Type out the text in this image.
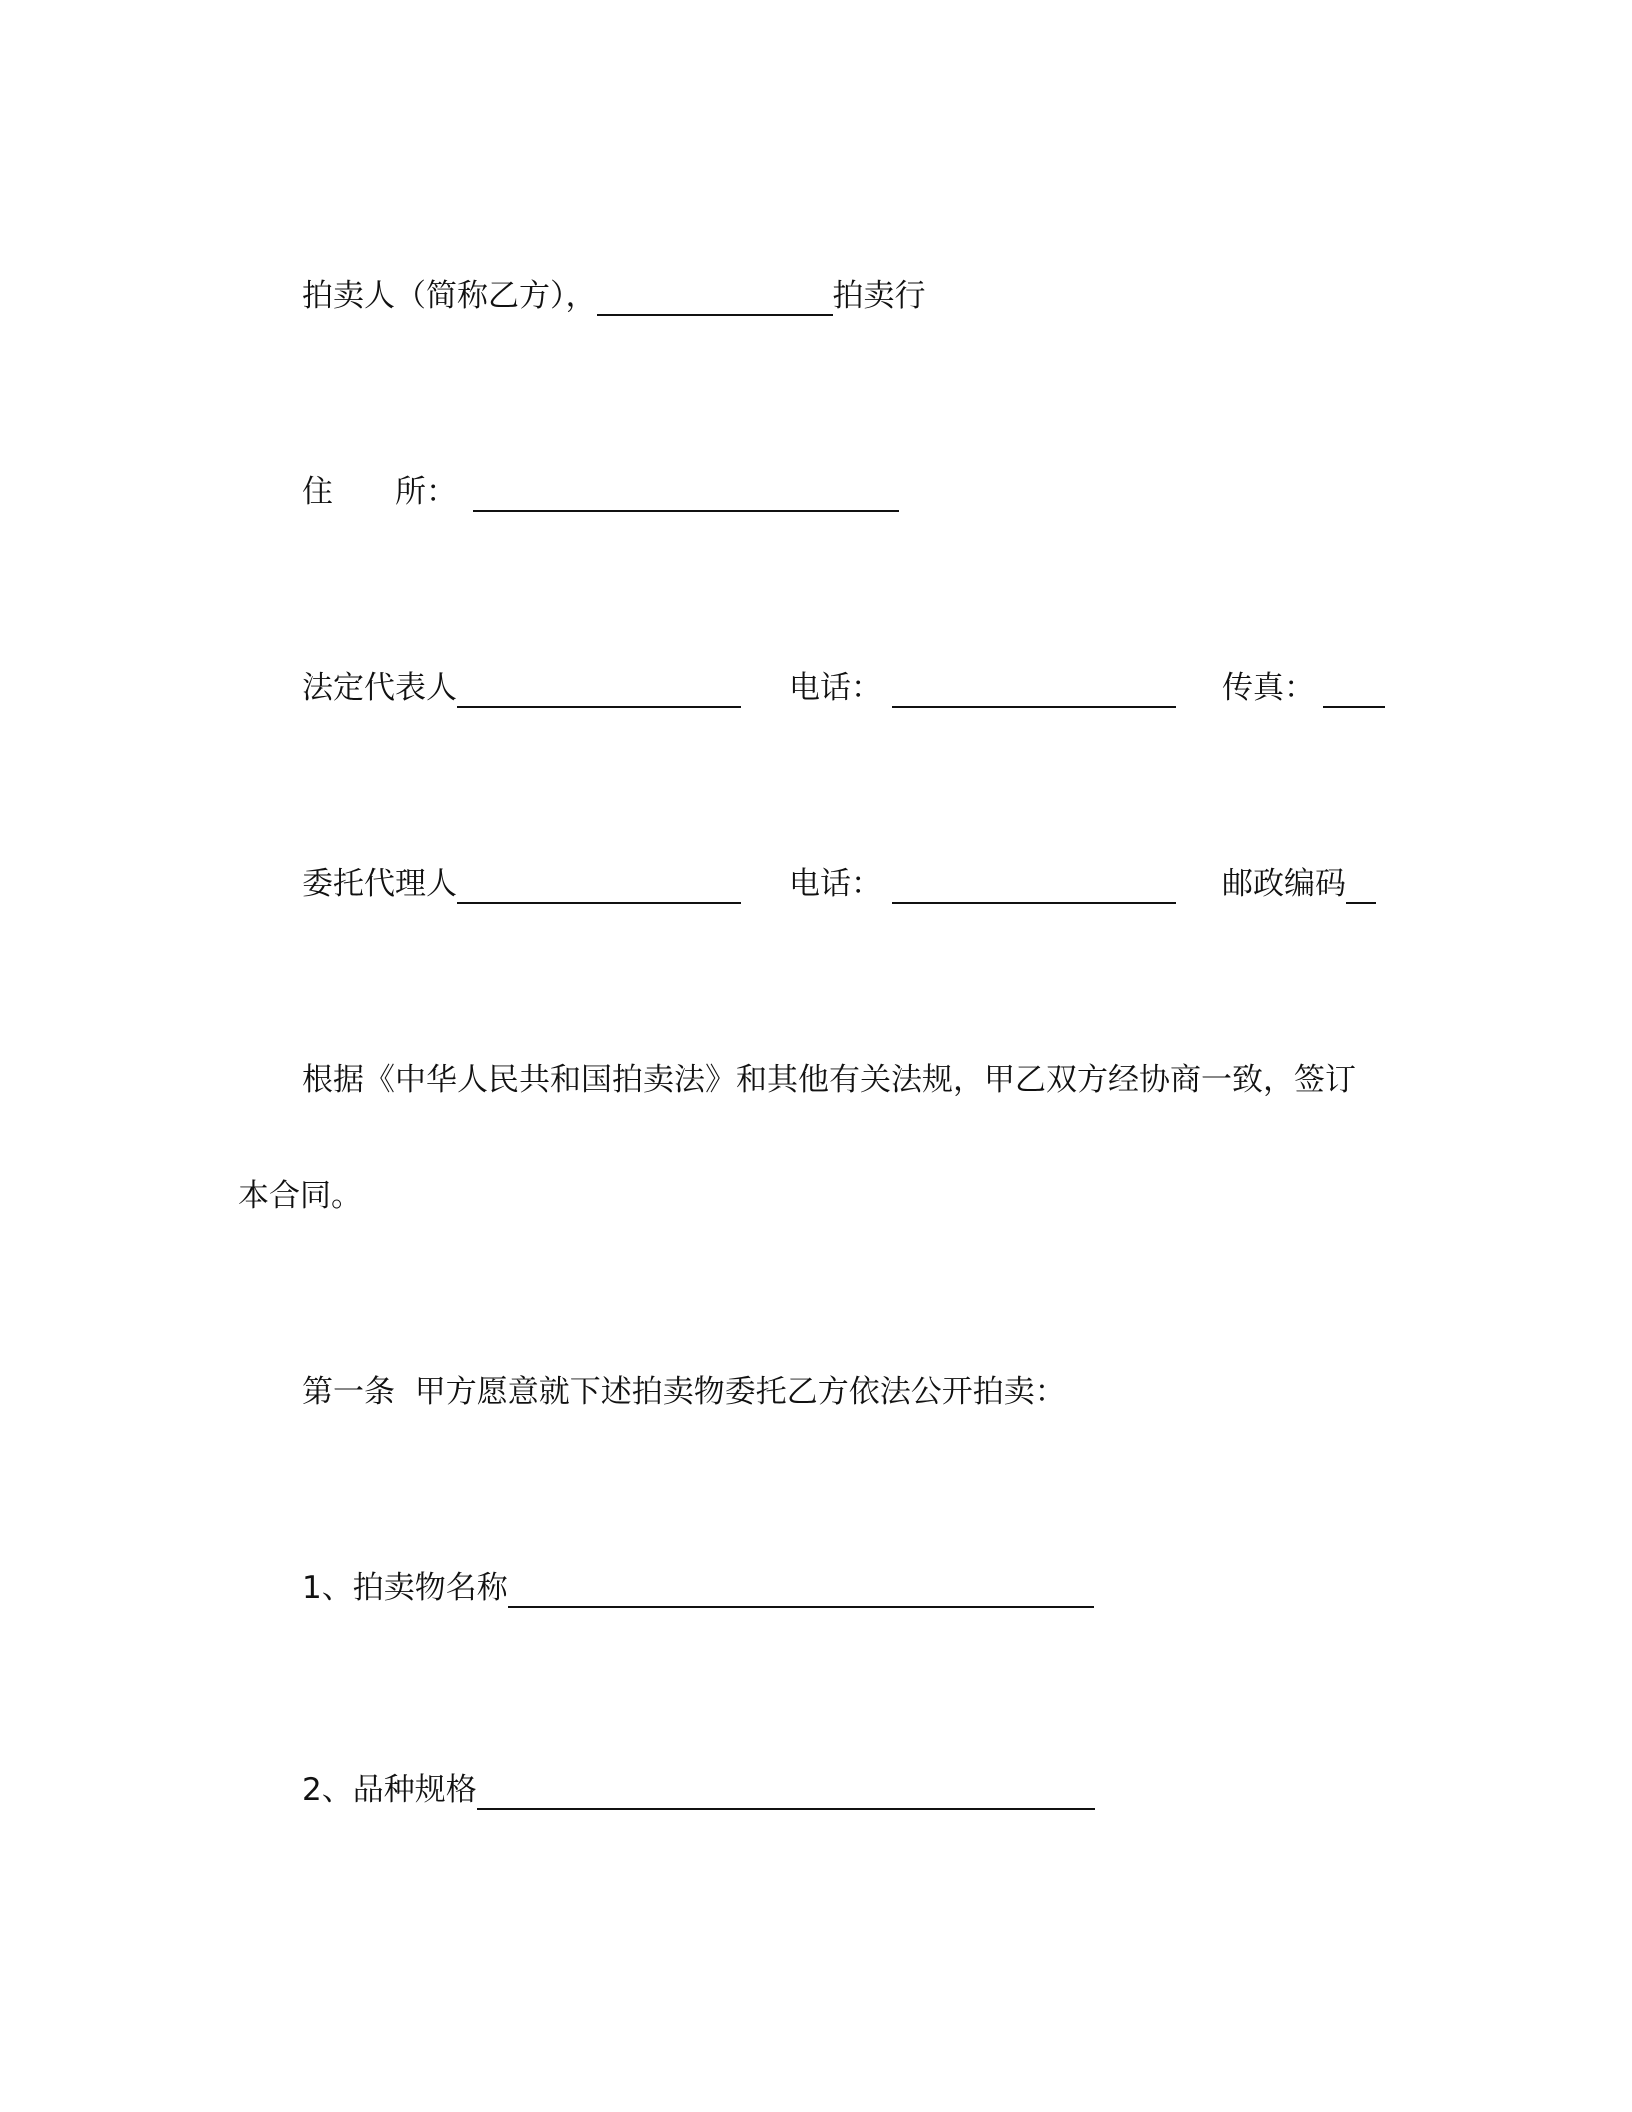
拍卖人（简称乙方），	拍卖行
住 所：
法定代表人	电话：	传真：
委托代理人	电话：	邮政编码
根据《中华人民共和国拍卖法》和其他有关法规，甲乙双方经协商一致，签订
本合同。
第一条  甲方愿意就下述拍卖物委托乙方依法公开拍卖：
1、拍卖物名称
2、品种规格
